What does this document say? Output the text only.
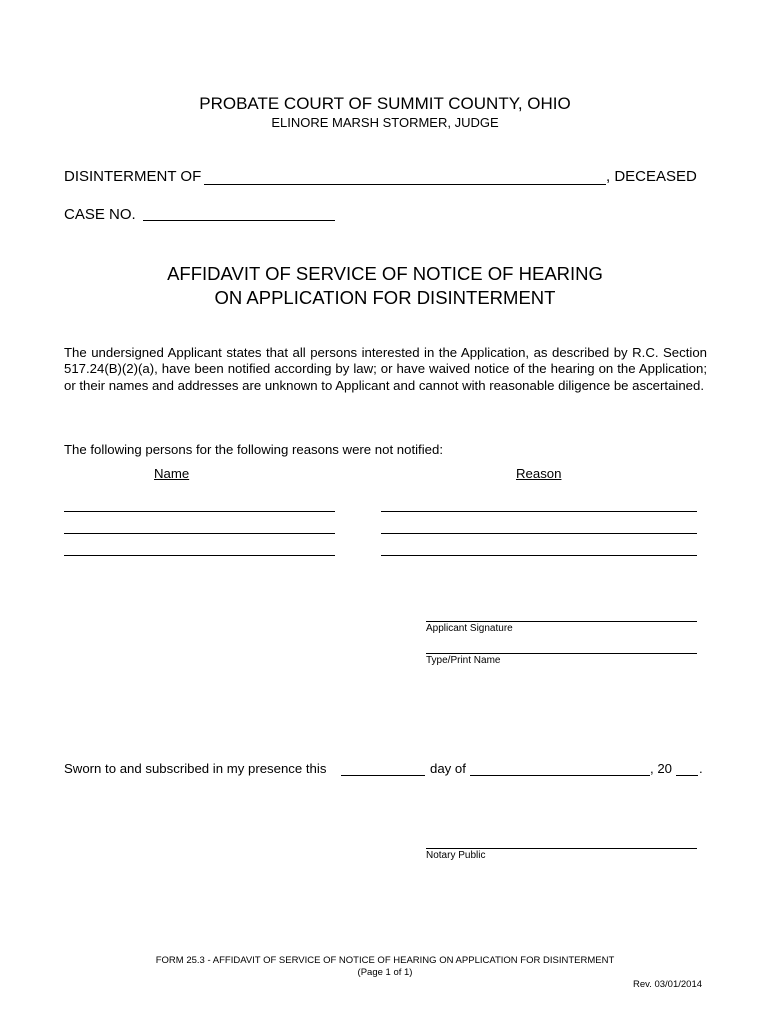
PROBATE COURT OF SUMMIT COUNTY, OHIO
ELINORE MARSH STORMER, JUDGE
DISINTERMENT OF	, DECEASED
CASE NO.
AFFIDAVIT OF SERVICE OF NOTICE OF HEARING
ON APPLICATION FOR DISINTERMENT
The undersigned Applicant states that all persons interested in the Application, as described by R.C. Section 517.24(B)(2)(a), have been notified according by law; or have waived notice of the hearing on the Application; or their names and addresses are unknown to Applicant and cannot with reasonable diligence be ascertained.
The following persons for the following reasons were not notified:
Name	Reason
Applicant Signature
Type/Print Name
Sworn to and subscribed in my presence this	day of	, 20 .
Notary Public
FORM 25.3 - AFFIDAVIT OF SERVICE OF NOTICE OF HEARING ON APPLICATION FOR DISINTERMENT
(Page 1 of 1)
Rev. 03/01/2014
